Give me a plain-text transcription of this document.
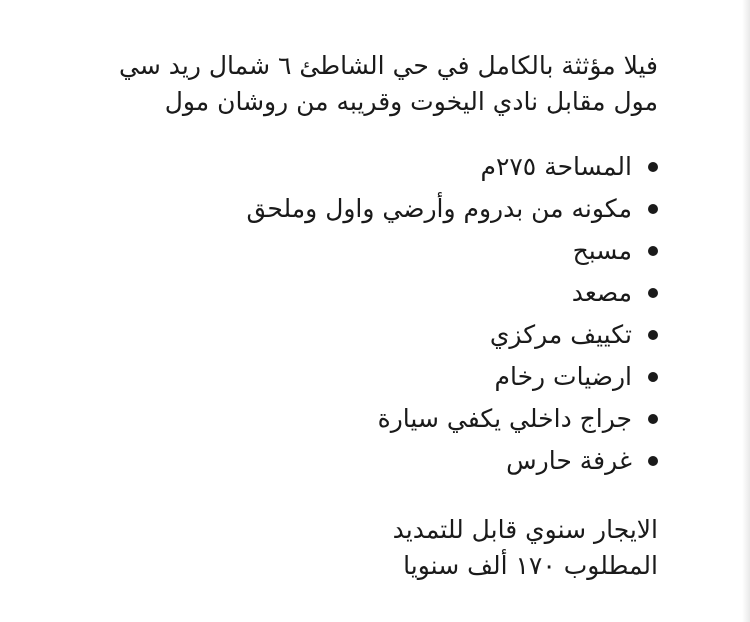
فيلا مؤثثة بالكامل في حي الشاطئ ٦ شمال ريد سي
مول مقابل نادي اليخوت وقريبه من روشان مول
المساحة ٢٧٥م
مكونه من بدروم وأرضي واول وملحق
مسبح
مصعد
تكييف مركزي
ارضيات رخام
جراج داخلي يكفي سيارة
غرفة حارس

الايجار سنوي قابل للتمديد

المطلوب ١٧٠ ألف سنويا
